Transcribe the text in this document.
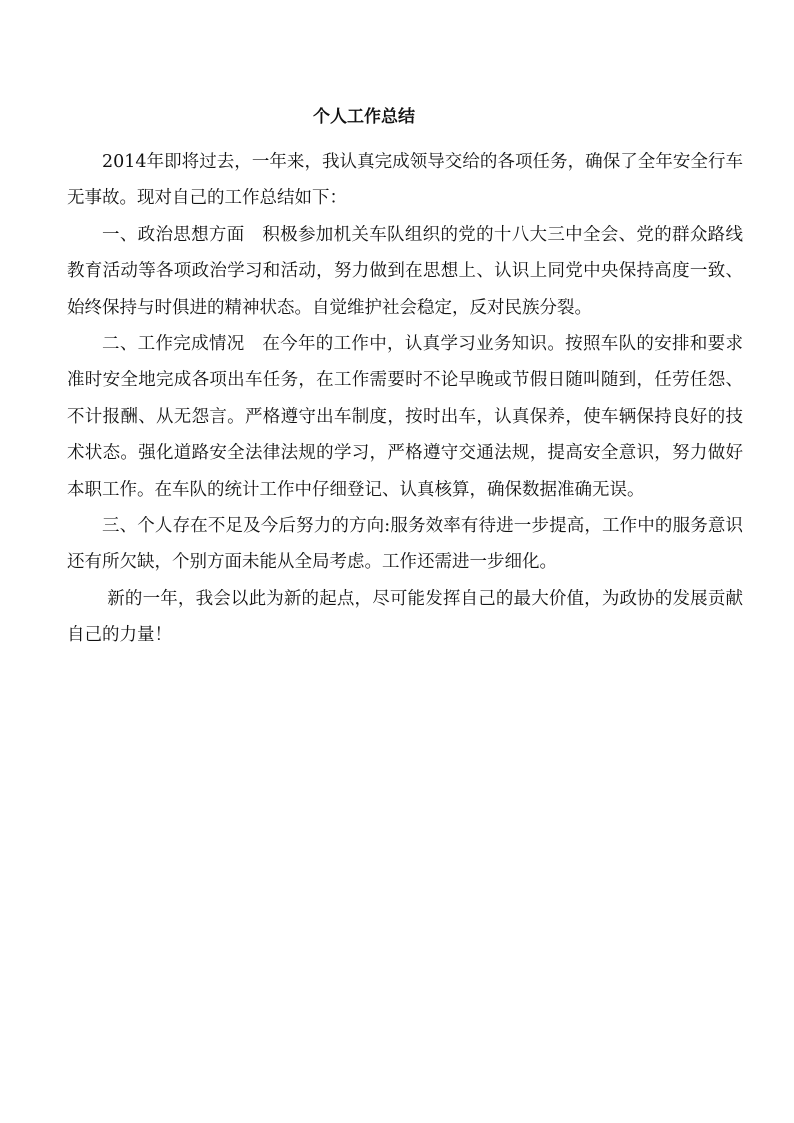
个人工作总结

2014年即将过去，一年来，我认真完成领导交给的各项任务，确保了全年安全行车无事故。现对自己的工作总结如下：

一、政治思想方面　积极参加机关车队组织的党的十八大三中全会、党的群众路线教育活动等各项政治学习和活动，努力做到在思想上、认识上同党中央保持高度一致、始终保持与时俱进的精神状态。自觉维护社会稳定，反对民族分裂。

二、工作完成情况　在今年的工作中，认真学习业务知识。按照车队的安排和要求准时安全地完成各项出车任务，在工作需要时不论早晚或节假日随叫随到，任劳任怨、不计报酬、从无怨言。严格遵守出车制度，按时出车，认真保养，使车辆保持良好的技术状态。强化道路安全法律法规的学习，严格遵守交通法规，提高安全意识，努力做好本职工作。在车队的统计工作中仔细登记、认真核算，确保数据准确无误。

三、个人存在不足及今后努力的方向:服务效率有待进一步提高，工作中的服务意识还有所欠缺，个别方面未能从全局考虑。工作还需进一步细化。

新的一年，我会以此为新的起点，尽可能发挥自己的最大价值，为政协的发展贡献自己的力量！
